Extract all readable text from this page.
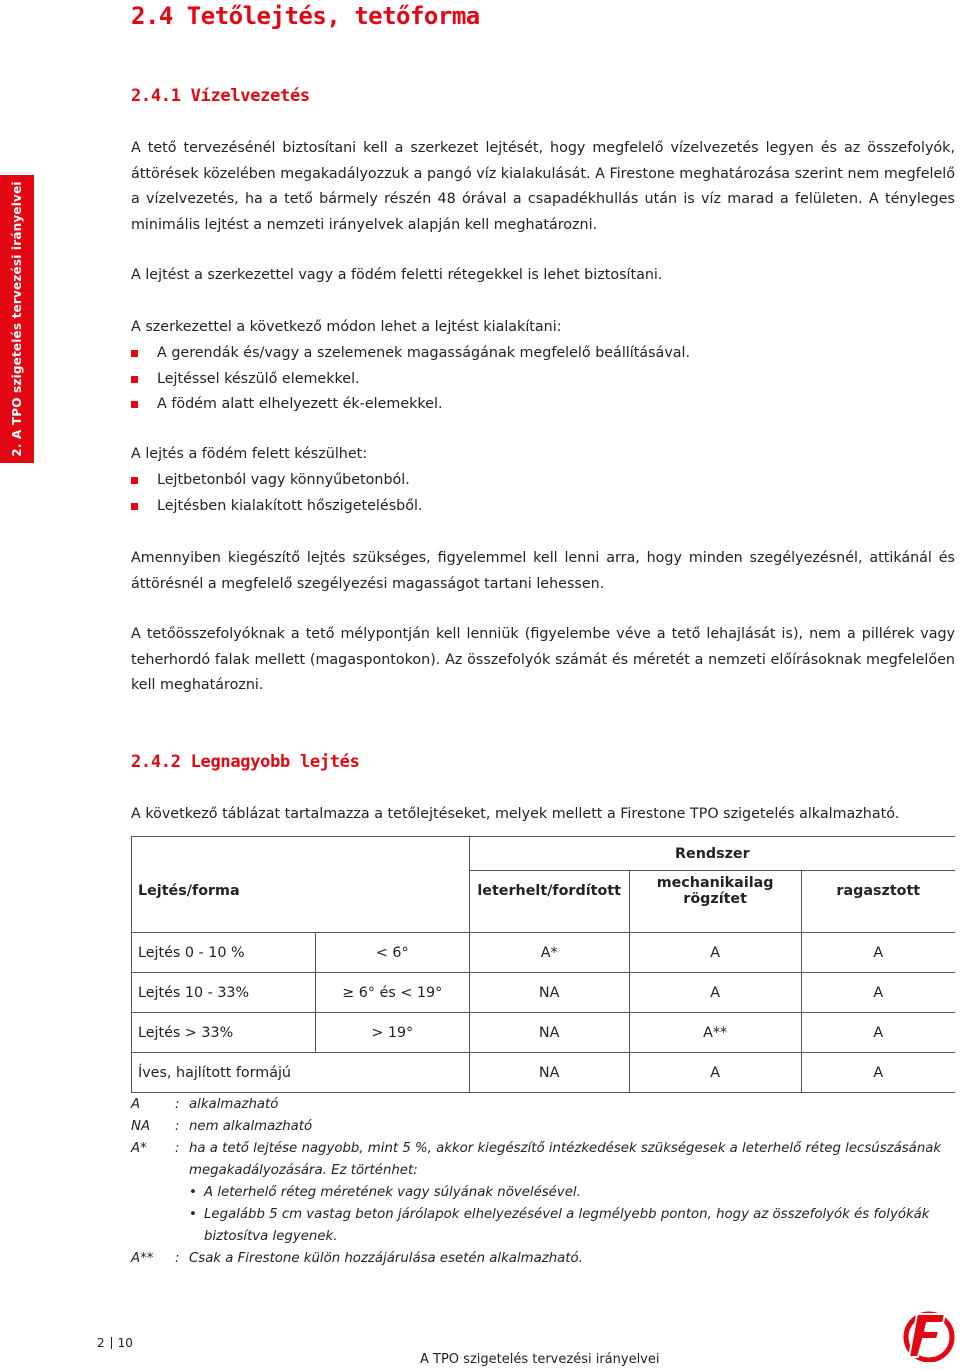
2. A TPO szigetelés tervezési irányelvei
2.4 Tetőlejtés, tetőforma
2.4.1 Vízelvezetés

A tető tervezésénél biztosítani kell a szerkezet lejtését, hogy megfelelő vízelvezetés legyen és az összefolyók, áttörések közelében megakadályozzuk a pangó víz kialakulását. A Firestone meghatározása szerint nem megfelelő a vízelvezetés, ha a tető bármely részén 48 órával a csapadékhullás után is víz marad a felületen. A tényleges minimális lejtést a nemzeti irányelvek alapján kell meghatározni.

A lejtést a szerkezettel vagy a födém feletti rétegekkel is lehet biztosítani.

A szerkezettel a következő módon lehet a lejtést kialakítani:

A gerendák és/vagy a szelemenek magasságának megfelelő beállításával.
Lejtéssel készülő elemekkel.
A födém alatt elhelyezett ék-elemekkel.

A lejtés a födém felett készülhet:

Lejtbetonból vagy könnyűbetonból.
Lejtésben kialakított hőszigetelésből.

Amennyiben kiegészítő lejtés szükséges, figyelemmel kell lenni arra, hogy minden szegélyezésnél, attikánál és áttörésnél a megfelelő szegélyezési magasságot tartani lehessen.

A tetőösszefolyóknak a tető mélypontján kell lenniük (figyelembe véve a tető lehajlását is), nem a pillérek vagy teherhordó falak mellett (magaspontokon). Az összefolyók számát és méretét a nemzeti előírásoknak megfelelően kell meghatározni.

2.4.2 Legnagyobb lejtés

A következő táblázat tartalmazza a tetőlejtéseket, melyek mellett a Firestone TPO szigetelés alkalmazható.

		Rendszer		
Lejtés/forma		leterhelt/fordított	mechanikailag rögzítet	ragasztott

Lejtés 0 - 10 %	< 6°	A*	A	A
Lejtés 10 - 33%	≥ 6° és < 19°	NA	A	A
Lejtés > 33%	> 19°	NA	A**	A
Íves, hajlított formájú		NA	A	A
A	: alkalmazható
NA	: nem alkalmazható
A*	: ha a tető lejtése nagyobb, mint 5 %, akkor kiegészítő intézkedések szükségesek a leterhelő réteg lecsúszásának megakadályozására. Ez történhet:
• A leterhelő réteg méretének vagy súlyának növelésével.
• Legalább 5 cm vastag beton járólapok elhelyezésével a legmélyebb ponton, hogy az összefolyók és folyókák biztosítva legyenek.
A**	: Csak a Firestone külön hozzájárulása esetén alkalmazható.
2 10
A TPO szigetelés tervezési irányelvei
